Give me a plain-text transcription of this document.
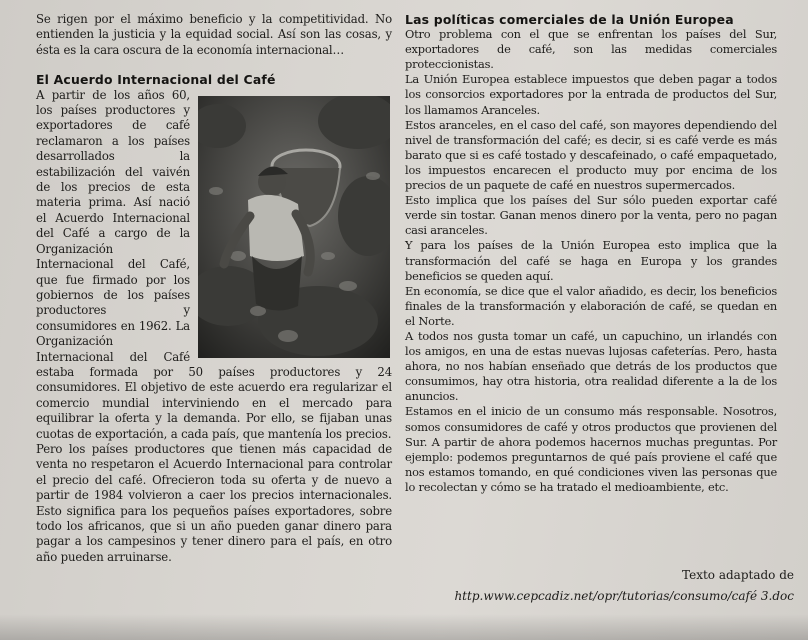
Se rigen por el máximo beneficio y la competitividad. No entienden la justicia y la equidad social. Así son las cosas, y ésta es la cara oscura de la economía internacional…

El Acuerdo Internacional del Café

A partir de los años 60, los países productores y exportadores de café reclamaron a los países desarrollados la estabilización del vaivén de los precios de esta materia prima. Así nació el Acuerdo Internacional del Café a cargo de la Organización Internacional del Café, que fue firmado por los gobiernos de los países productores y consumidores en 1962. La Organización Internacional del Café estaba formada por 50 países productores y 24 consumidores. El objetivo de este acuerdo era regularizar el comercio mundial interviniendo en el mercado para equilibrar la oferta y la demanda. Por ello, se fijaban unas cuotas de exportación, a cada país, que mantenía los precios.

Pero los países productores que tienen más capacidad de venta no respetaron el Acuerdo Internacional para controlar el precio del café. Ofrecieron toda su oferta y de nuevo a partir de 1984 volvieron a caer los precios internacionales. Esto significa para los pequeños países exportadores, sobre todo los africanos, que si un año pueden ganar dinero para pagar a los campesinos y tener dinero para el país, en otro año pueden arruinarse.

Las políticas comerciales de la Unión Europea

Otro problema con el que se enfrentan los países del Sur, exportadores de café, son las medidas comerciales proteccionistas.

La Unión Europea establece impuestos que deben pagar a todos los consorcios exportadores por la entrada de productos del Sur, los llamamos Aranceles.

Estos aranceles, en el caso del café, son mayores dependiendo del nivel de transformación del café; es decir, si es café verde es más barato que si es café tostado y descafeinado, o café empaquetado, los impuestos encarecen el producto muy por encima de los precios de un paquete de café en nuestros supermercados.

Esto implica que los países del Sur sólo pueden exportar café verde sin tostar. Ganan menos dinero por la venta, pero no pagan casi aranceles.

Y para los países de la Unión Europea esto implica que la transformación del café se haga en Europa y los grandes beneficios se queden aquí.

En economía, se dice que el valor añadido, es decir, los beneficios finales de la transformación y elaboración de café, se quedan en el Norte.

A todos nos gusta tomar un café, un capuchino, un irlandés con los amigos, en una de estas nuevas lujosas cafeterías. Pero, hasta ahora, no nos habían enseñado que detrás de los productos que consumimos, hay otra historia, otra realidad diferente a la de los anuncios.

Estamos en el inicio de un consumo más responsable. Nosotros, somos consumidores de café y otros productos que provienen del Sur. A partir de ahora podemos hacernos muchas preguntas. Por ejemplo: podemos preguntarnos de qué país proviene el café que nos estamos tomando, en qué condiciones viven las personas que lo recolectan y cómo se ha tratado el medioambiente, etc.

Texto adaptado de
http.www.cepcadiz.net/opr/tutorias/consumo/café 3.doc
